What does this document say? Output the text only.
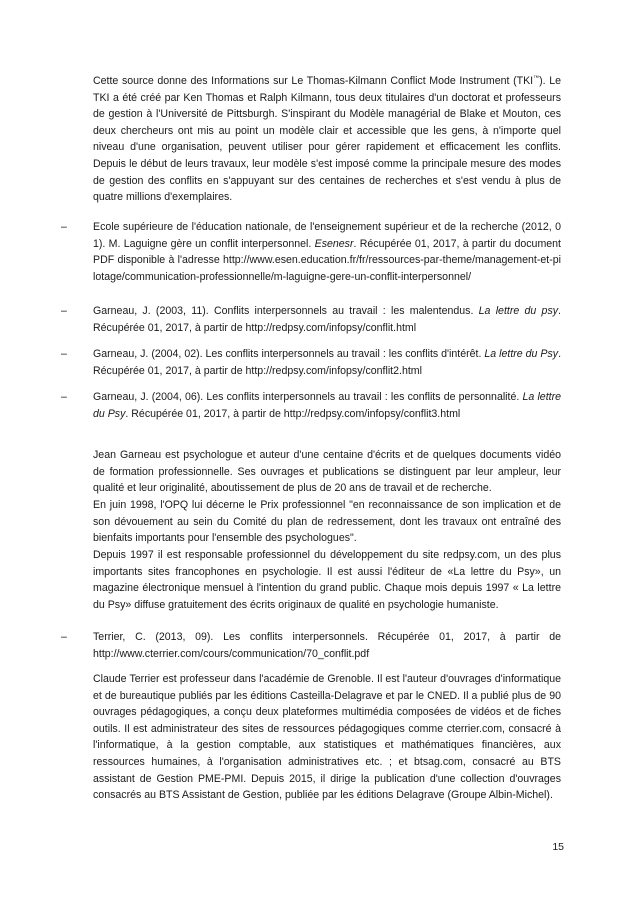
Cette source donne des Informations sur Le Thomas-Kilmann Conflict Mode Instrument (TKI™). Le TKI a été créé par Ken Thomas et Ralph Kilmann, tous deux titulaires d'un doctorat et professeurs de gestion à l'Université de Pittsburgh. S'inspirant du Modèle managérial de Blake et Mouton, ces deux chercheurs ont mis au point un modèle clair et accessible que les gens, à n'importe quel niveau d'une organisation, peuvent utiliser pour gérer rapidement et efficacement les conflits. Depuis le début de leurs travaux, leur modèle s'est imposé comme la principale mesure des modes de gestion des conflits en s'appuyant sur des centaines de recherches et s'est vendu à plus de quatre millions d'exemplaires.

– Ecole supérieure de l'éducation nationale, de l'enseignement supérieur et de la recherche (2012, 01). M. Laguigne gère un conflit interpersonnel. Esenesr. Récupérée 01, 2017, à partir du document PDF disponible à l'adresse http://www.esen.education.fr/fr/ressources-par-theme/management-et-pilotage/communication-professionnelle/m-laguigne-gere-un-conflit-interpersonnel/

– Garneau, J. (2003, 11). Conflits interpersonnels au travail : les malentendus. La lettre du psy. Récupérée 01, 2017, à partir de http://redpsy.com/infopsy/conflit.html

– Garneau, J. (2004, 02). Les conflits interpersonnels au travail : les conflits d'intérêt. La lettre du Psy. Récupérée 01, 2017, à partir de http://redpsy.com/infopsy/conflit2.html

– Garneau, J. (2004, 06). Les conflits interpersonnels au travail : les conflits de personnalité. La lettre du Psy. Récupérée 01, 2017, à partir de http://redpsy.com/infopsy/conflit3.html

Jean Garneau est psychologue et auteur d'une centaine d'écrits et de quelques documents vidéo de formation professionnelle. Ses ouvrages et publications se distinguent par leur ampleur, leur qualité et leur originalité, aboutissement de plus de 20 ans de travail et de recherche.

En juin 1998, l'OPQ lui décerne le Prix professionnel "en reconnaissance de son implication et de son dévouement au sein du Comité du plan de redressement, dont les travaux ont entraîné des bienfaits importants pour l'ensemble des psychologues".

Depuis 1997 il est responsable professionnel du développement du site redpsy.com, un des plus importants sites francophones en psychologie. Il est aussi l'éditeur de «La lettre du Psy», un magazine électronique mensuel à l'intention du grand public. Chaque mois depuis 1997 « La lettre du Psy» diffuse gratuitement des écrits originaux de qualité en psychologie humaniste.

– Terrier, C. (2013, 09). Les conflits interpersonnels. Récupérée 01, 2017, à partir de http://www.cterrier.com/cours/communication/70_conflit.pdf

Claude Terrier est professeur dans l'académie de Grenoble. Il est l'auteur d'ouvrages d'informatique et de bureautique publiés par les éditions Casteilla-Delagrave et par le CNED. Il a publié plus de 90 ouvrages pédagogiques, a conçu deux plateformes multimédia composées de vidéos et de fiches outils. Il est administrateur des sites de ressources pédagogiques comme cterrier.com, consacré à l'informatique, à la gestion comptable, aux statistiques et mathématiques financières, aux ressources humaines, à l'organisation administratives etc. ; et btsag.com, consacré au BTS assistant de Gestion PME-PMI. Depuis 2015, il dirige la publication d'une collection d'ouvrages consacrés au BTS Assistant de Gestion, publiée par les éditions Delagrave (Groupe Albin-Michel).

15
